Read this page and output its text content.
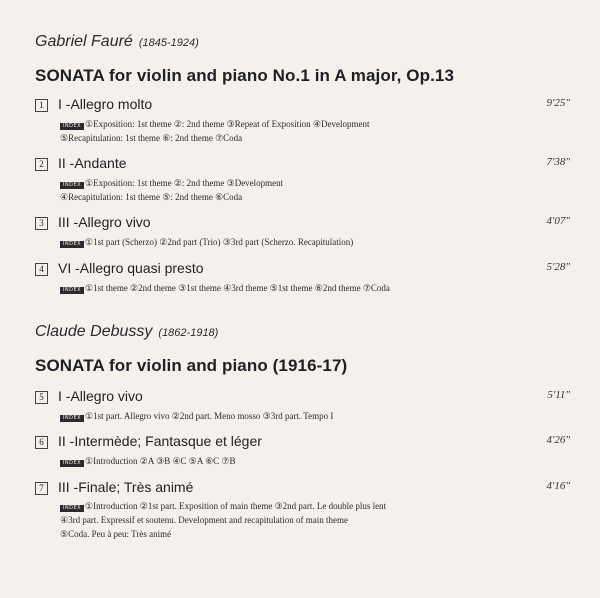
Gabriel Fauré (1845-1924)
SONATA for violin and piano No.1 in A major, Op.13
1	I -Allegro molto	9'25"
INDEX ①Exposition: 1st theme ②: 2nd theme ③Repeat of Exposition ④Development
⑤Recapitulation: 1st theme ⑥: 2nd theme ⑦Coda
2	II -Andante	7'38"
INDEX ①Exposition: 1st theme ②: 2nd theme ③Development
④Recapitulation: 1st theme ⑤: 2nd theme ⑥Coda
3	III -Allegro vivo	4'07"
INDEX ①1st part (Scherzo) ②2nd part (Trio) ③3rd part (Scherzo. Recapitulation)
4	VI -Allegro quasi presto	5'28"
INDEX ①1st theme ②2nd theme ③1st theme ④3rd theme ⑤1st theme ⑥2nd theme ⑦Coda
Claude Debussy (1862-1918)
SONATA for violin and piano (1916-17)
5	I -Allegro vivo	5'11"
INDEX ①1st part. Allegro vivo ②2nd part. Meno mosso ③3rd part. Tempo I
6	II -Intermède; Fantasque et léger	4'26"
INDEX ①Introduction ②A ③B ④C ⑤A ⑥C ⑦B
7	III -Finale; Très animé	4'16"
INDEX ①Introduction ②1st part. Exposition of main theme ③2nd part. Le double plus lent
④3rd part. Expressif et soutenu. Development and recapitulation of main theme
⑤Coda. Peu à peu: Très animé
